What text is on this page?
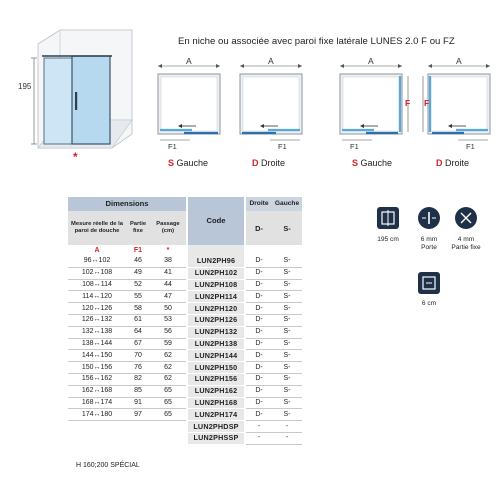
En niche ou associée avec paroi fixe latérale LUNES 2.0 F ou FZ
195
*
A
F1
S Gauche
A
F1
D Droite
A
F
F1
S Gauche
F
A
F1
D Droite
Dimensions				Code		Droite	Gauche
Mesure réelle de la paroi de douche	Partie fixe	Passage (cm)				D-	S-
A	F1	*					
96↔102	46	38		LUN2PH96		D-	S-
102↔108	49	41		LUN2PH102		D-	S-
108↔114	52	44		LUN2PH108		D-	S-
114↔120	55	47		LUN2PH114		D-	S-
120↔126	58	50		LUN2PH120		D-	S-
126↔132	61	53		LUN2PH126		D-	S-
132↔138	64	56		LUN2PH132		D-	S-
138↔144	67	59		LUN2PH138		D-	S-
144↔150	70	62		LUN2PH144		D-	S-
150↔156	76	62		LUN2PH150		D-	S-
156↔162	82	62		LUN2PH156		D-	S-
162↔168	85	65		LUN2PH162		D-	S-
168↔174	91	65		LUN2PH168		D-	S-
174↔180	97	65		LUN2PH174		D-	S-
				LUN2PHDSP		-	-
				LUN2PHSSP		-	-
H 160;200 SPÉCIAL
195 cm	6 mm
Porte
4 mm
Partie fixe
6 cm
